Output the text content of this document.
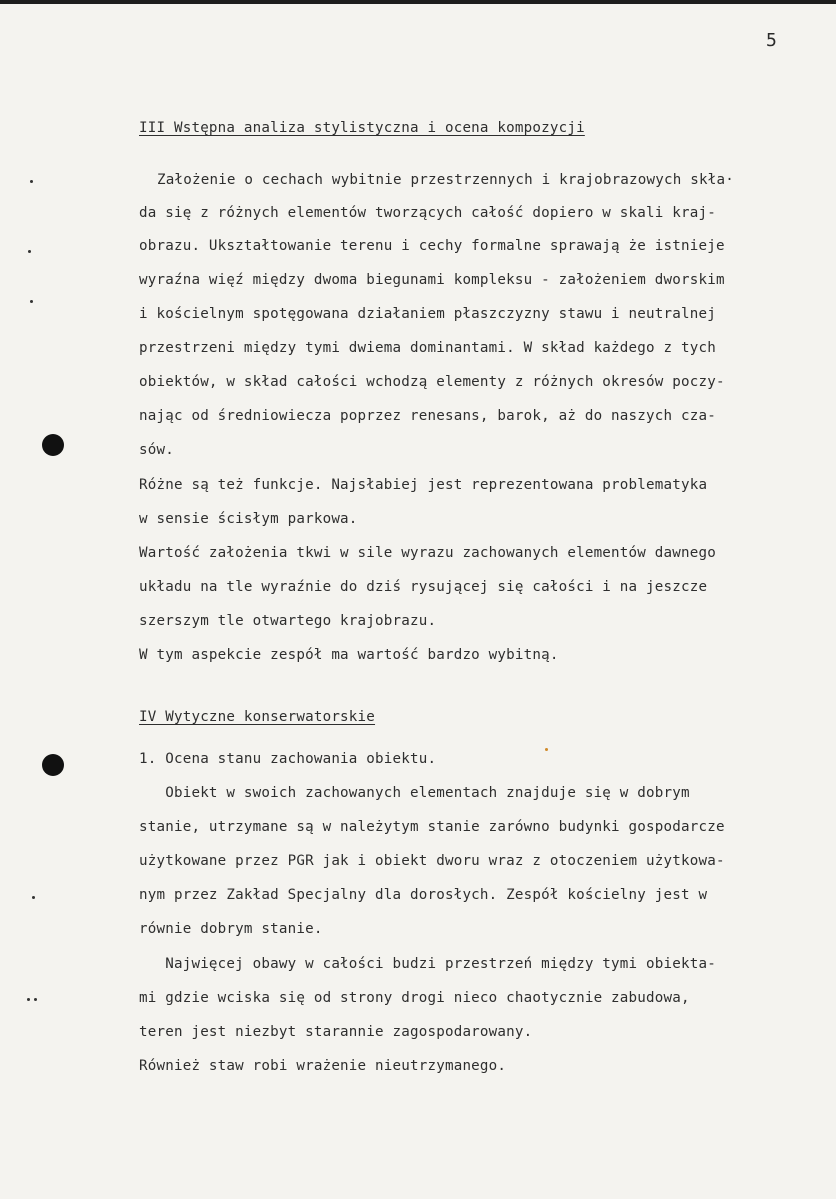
5
III Wstępna analiza stylistyczna i ocena kompozycji
Założenie o cechach wybitnie przestrzennych i krajobrazowych skła·
da się z różnych elementów tworzących całość dopiero w skali kraj-
obrazu. Ukształtowanie terenu i cechy formalne sprawają że istnieje
wyraźna więź między dwoma biegunami kompleksu - założeniem dworskim
i kościelnym spotęgowana działaniem płaszczyzny stawu i neutralnej
przestrzeni między tymi dwiema dominantami. W skład każdego z tych
obiektów, w skład całości wchodzą elementy z różnych okresów poczy-
nając od średniowiecza poprzez renesans, barok, aż do naszych cza-
sów.
Różne są też funkcje. Najsłabiej jest reprezentowana problematyka
w sensie ścisłym parkowa.
Wartość założenia tkwi w sile wyrazu zachowanych elementów dawnego
układu na tle wyraźnie do dziś rysującej się całości i na jeszcze
szerszym tle otwartego krajobrazu.
W tym aspekcie zespół ma wartość bardzo wybitną.
IV Wytyczne konserwatorskie
1. Ocena stanu zachowania obiektu.
Obiekt w swoich zachowanych elementach znajduje się w dobrym
stanie, utrzymane są w należytym stanie zarówno budynki gospodarcze
użytkowane przez PGR jak i obiekt dworu wraz z otoczeniem użytkowa-
nym przez Zakład Specjalny dla dorosłych. Zespół kościelny jest w
równie dobrym stanie.
Najwięcej obawy w całości budzi przestrzeń między tymi obiekta-
mi gdzie wciska się od strony drogi nieco chaotycznie zabudowa,
teren jest niezbyt starannie zagospodarowany.
Również staw robi wrażenie nieutrzymanego.
